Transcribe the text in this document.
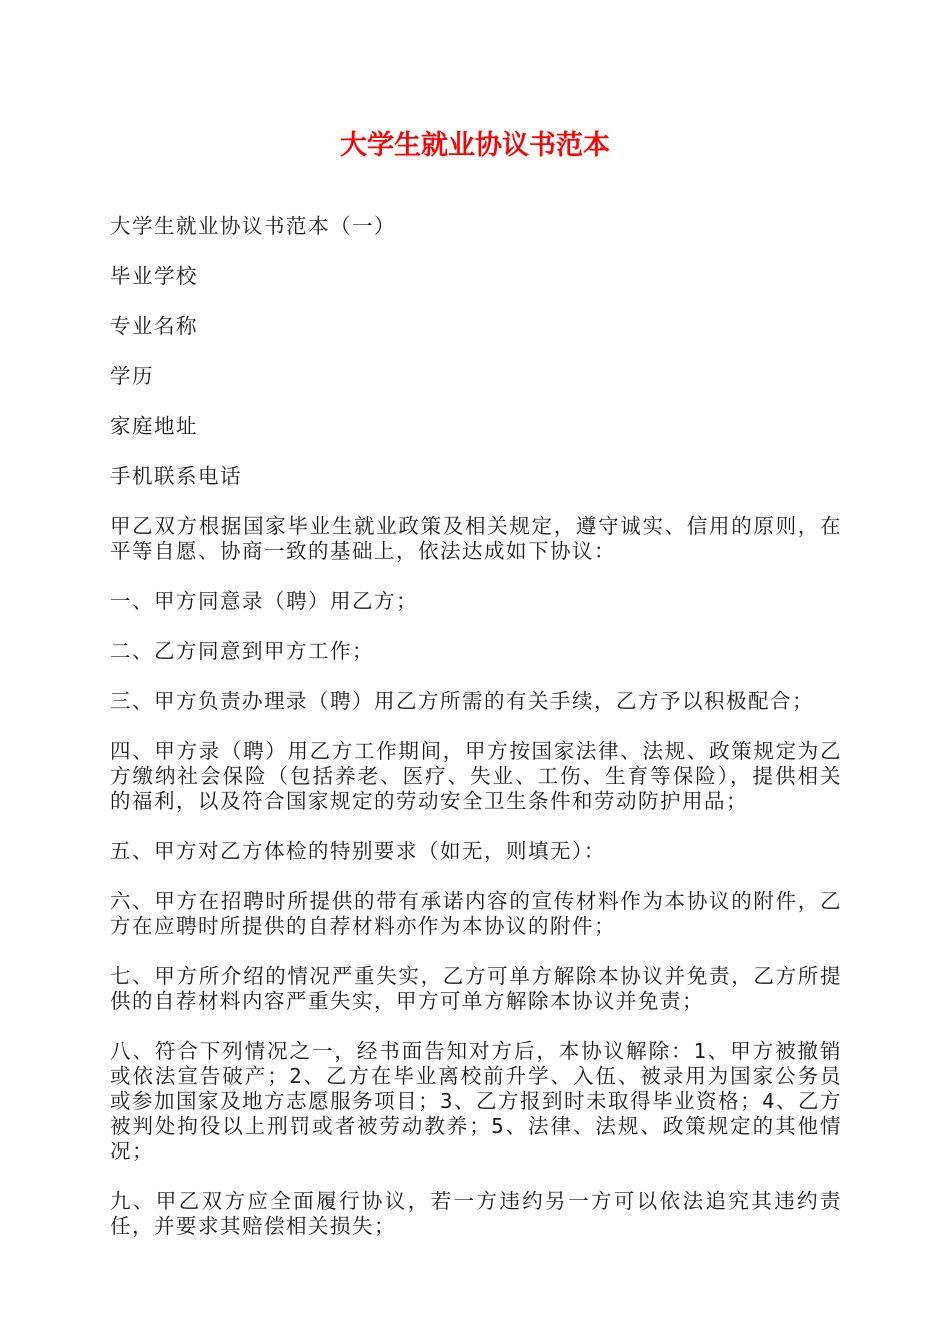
大学生就业协议书范本

大学生就业协议书范本（一）

毕业学校

专业名称

学历

家庭地址

手机联系电话

甲乙双方根据国家毕业生就业政策及相关规定，遵守诚实、信用的原则，在平等自愿、协商一致的基础上，依法达成如下协议：

一、甲方同意录（聘）用乙方；

二、乙方同意到甲方工作；

三、甲方负责办理录（聘）用乙方所需的有关手续，乙方予以积极配合；

四、甲方录（聘）用乙方工作期间，甲方按国家法律、法规、政策规定为乙方缴纳社会保险（包括养老、医疗、失业、工伤、生育等保险），提供相关的福利，以及符合国家规定的劳动安全卫生条件和劳动防护用品；

五、甲方对乙方体检的特别要求（如无，则填无）：

六、甲方在招聘时所提供的带有承诺内容的宣传材料作为本协议的附件，乙方在应聘时所提供的自荐材料亦作为本协议的附件；

七、甲方所介绍的情况严重失实，乙方可单方解除本协议并免责，乙方所提供的自荐材料内容严重失实，甲方可单方解除本协议并免责；

八、符合下列情况之一，经书面告知对方后，本协议解除：1、甲方被撤销或依法宣告破产；2、乙方在毕业离校前升学、入伍、被录用为国家公务员或参加国家及地方志愿服务项目；3、乙方报到时未取得毕业资格；4、乙方被判处拘役以上刑罚或者被劳动教养；5、法律、法规、政策规定的其他情况；

九、甲乙双方应全面履行协议，若一方违约另一方可以依法追究其违约责任，并要求其赔偿相关损失；
